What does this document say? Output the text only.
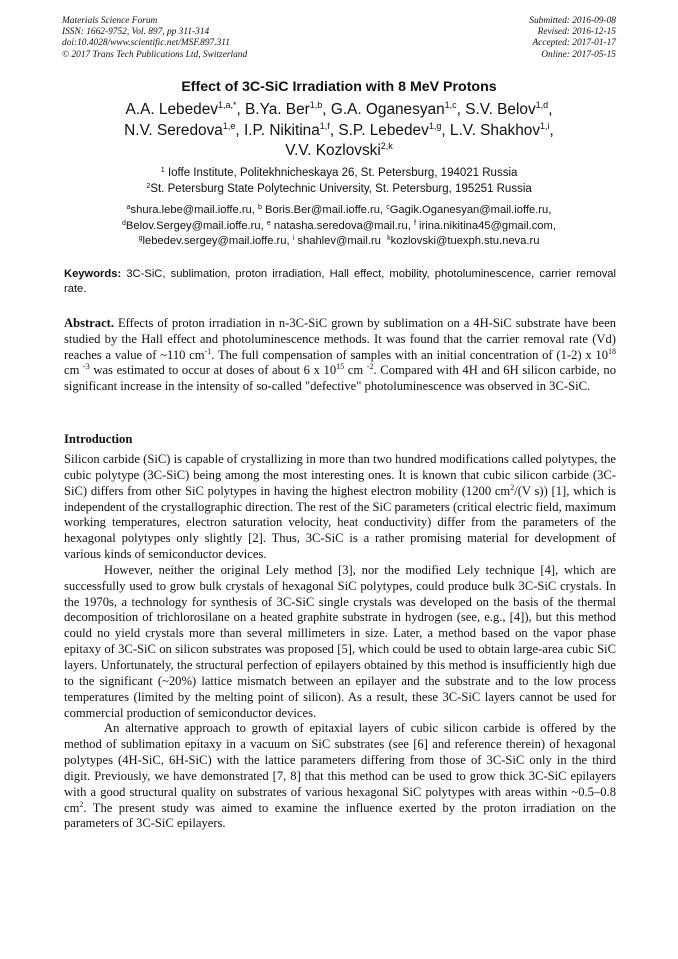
Materials Science Forum
ISSN: 1662-9752, Vol. 897, pp 311-314
doi:10.4028/www.scientific.net/MSF.897.311
© 2017 Trans Tech Publications Ltd, Switzerland
Submitted: 2016-09-08
Revised: 2016-12-15
Accepted: 2017-01-17
Online: 2017-05-15
Effect of 3C-SiC Irradiation with 8 MeV Protons
A.A. Lebedev$^{1,a,*}$, B.Ya. Ber$^{1,b}$, G.A. Oganesyan$^{1,c}$, S.V. Belov$^{1,d}$,
N.V. Seredova$^{1,e}$, I.P. Nikitina$^{1,f}$, S.P. Lebedev$^{1,g}$, L.V. Shakhov$^{1,i}$,
V.V. Kozlovski$^{2,k}$
$^1$ Ioffe Institute, Politekhnicheskaya 26, St. Petersburg, 194021 Russia
$^2$St. Petersburg State Polytechnic University, St. Petersburg, 195251 Russia
$^a$shura.lebe@mail.ioffe.ru, $^b$ Boris.Ber@mail.ioffe.ru, $^c$Gagik.Oganesyan@mail.ioffe.ru,
$^d$Belov.Sergey@mail.ioffe.ru, $^e$ natasha.seredova@mail.ru, $^f$ irina.nikitina45@gmail.com,
$^g$lebedev.sergey@mail.ioffe.ru, $^i$ shahlev@mail.ru $^k$kozlovski@tuexph.stu.neva.ru
Keywords: 3C-SiC, sublimation, proton irradiation, Hall effect, mobility, photoluminescence, carrier removal rate.
Abstract. Effects of proton irradiation in n-3C-SiC grown by sublimation on a 4H-SiC substrate have been studied by the Hall effect and photoluminescence methods. It was found that the carrier removal rate (Vd) reaches a value of ~110 $cm^{-1}$. The full compensation of samples with an initial concentration of (1-2) x $10^{18}$ cm $^{-3}$ was estimated to occur at doses of about 6 x $10^{15}$ cm $^{-2}$. Compared with 4H and 6H silicon carbide, no significant increase in the intensity of so-called "defective" photoluminescence was observed in 3C-SiC.
Introduction

Silicon carbide (SiC) is capable of crystallizing in more than two hundred modifications called polytypes, the cubic polytype (3C-SiC) being among the most interesting ones. It is known that cubic silicon carbide (3C-SiC) differs from other SiC polytypes in having the highest electron mobility (1200 $cm^2/(V$ s)) [1], which is independent of the crystallographic direction. The rest of the SiC parameters (critical electric field, maximum working temperatures, electron saturation velocity, heat conductivity) differ from the parameters of the hexagonal polytypes only slightly [2]. Thus, 3C-SiC is a rather promising material for development of various kinds of semiconductor devices.

However, neither the original Lely method [3], nor the modified Lely technique [4], which are successfully used to grow bulk crystals of hexagonal SiC polytypes, could produce bulk 3C-SiC crystals. In the 1970s, a technology for synthesis of 3C-SiC single crystals was developed on the basis of the thermal decomposition of trichlorosilane on a heated graphite substrate in hydrogen (see, e.g., [4]), but this method could no yield crystals more than several millimeters in size. Later, a method based on the vapor phase epitaxy of 3C-SiC on silicon substrates was proposed [5], which could be used to obtain large-area cubic SiC layers. Unfortunately, the structural perfection of epilayers obtained by this method is insufficiently high due to the significant (~20%) lattice mismatch between an epilayer and the substrate and to the low process temperatures (limited by the melting point of silicon). As a result, these 3C-SiC layers cannot be used for commercial production of semiconductor devices.

An alternative approach to growth of epitaxial layers of cubic silicon carbide is offered by the method of sublimation epitaxy in a vacuum on SiC substrates (see [6] and reference therein) of hexagonal polytypes (4H-SiC, 6H-SiC) with the lattice parameters differing from those of 3C-SiC only in the third digit. Previously, we have demonstrated [7, 8] that this method can be used to grow thick 3C-SiC epilayers with a good structural quality on substrates of various hexagonal SiC polytypes with areas within ~0.5–0.8 $cm^2$. The present study was aimed to examine the influence exerted by the proton irradiation on the parameters of 3C-SiC epilayers.
